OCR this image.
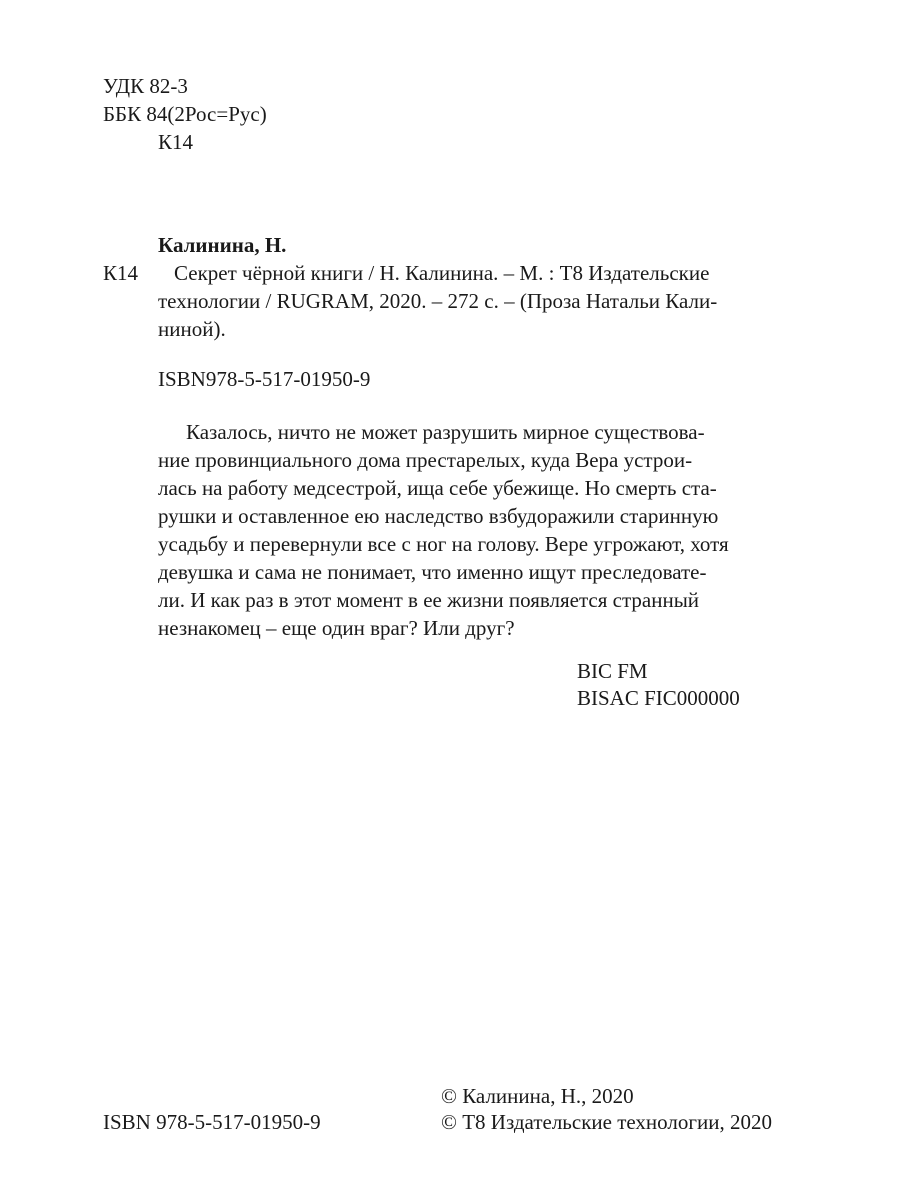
УДК 82-3
ББК 84(2Рос=Рус)
К14
Калинина, Н.
К14 Секрет чёрной книги / Н. Калинина. – М. : Т8 Издательские
технологии / RUGRAM, 2020. – 272 с. – (Проза Натальи Кали-
ниной).
ISBN978-5-517-01950-9
Казалось, ничто не может разрушить мирное существова-
ние провинциального дома престарелых, куда Вера устрои-
лась на работу медсестрой, ища себе убежище. Но смерть ста-
рушки и оставленное ею наследство взбудоражили старинную
усадьбу и перевернули все с ног на голову. Вере угрожают, хотя
девушка и сама не понимает, что именно ищут преследовате-
ли. И как раз в этот момент в ее жизни появляется странный
незнакомец – еще один враг? Или друг?
BIC FM
BISAC FIC000000
© Калинина, Н., 2020
ISBN 978-5-517-01950-9	© Т8 Издательские технологии, 2020
